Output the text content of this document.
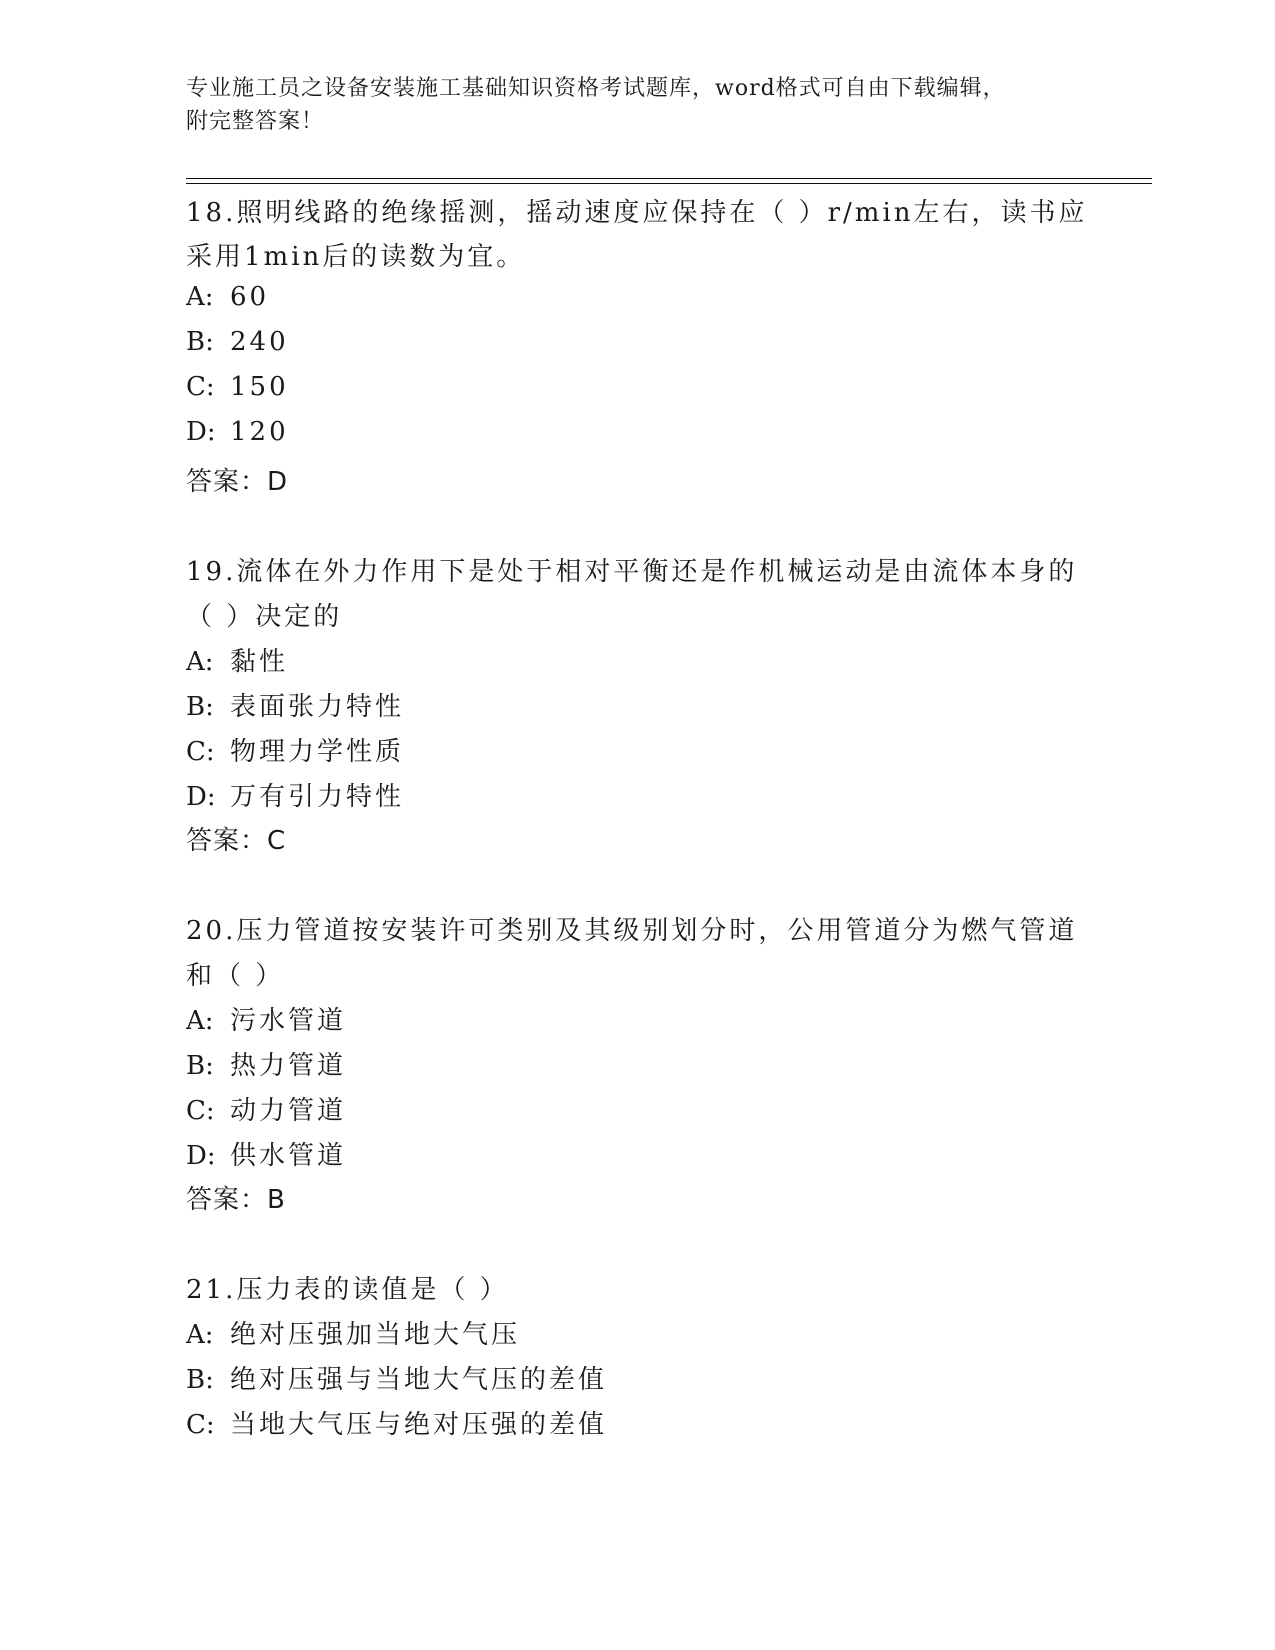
专业施工员之设备安装施工基础知识资格考试题库，word格式可自由下载编辑，
附完整答案！
18.照明线路的绝缘摇测，摇动速度应保持在（ ）r/min左右，读书应
采用1min后的读数为宜。
A: 60
B: 240
C: 150
D: 120
答案：D
19.流体在外力作用下是处于相对平衡还是作机械运动是由流体本身的
（ ）决定的
A: 黏性
B: 表面张力特性
C: 物理力学性质
D: 万有引力特性
答案：C
20.压力管道按安装许可类别及其级别划分时，公用管道分为燃气管道
和（ ）
A: 污水管道
B: 热力管道
C: 动力管道
D: 供水管道
答案：B
21.压力表的读值是（ ）
A: 绝对压强加当地大气压
B: 绝对压强与当地大气压的差值
C: 当地大气压与绝对压强的差值
